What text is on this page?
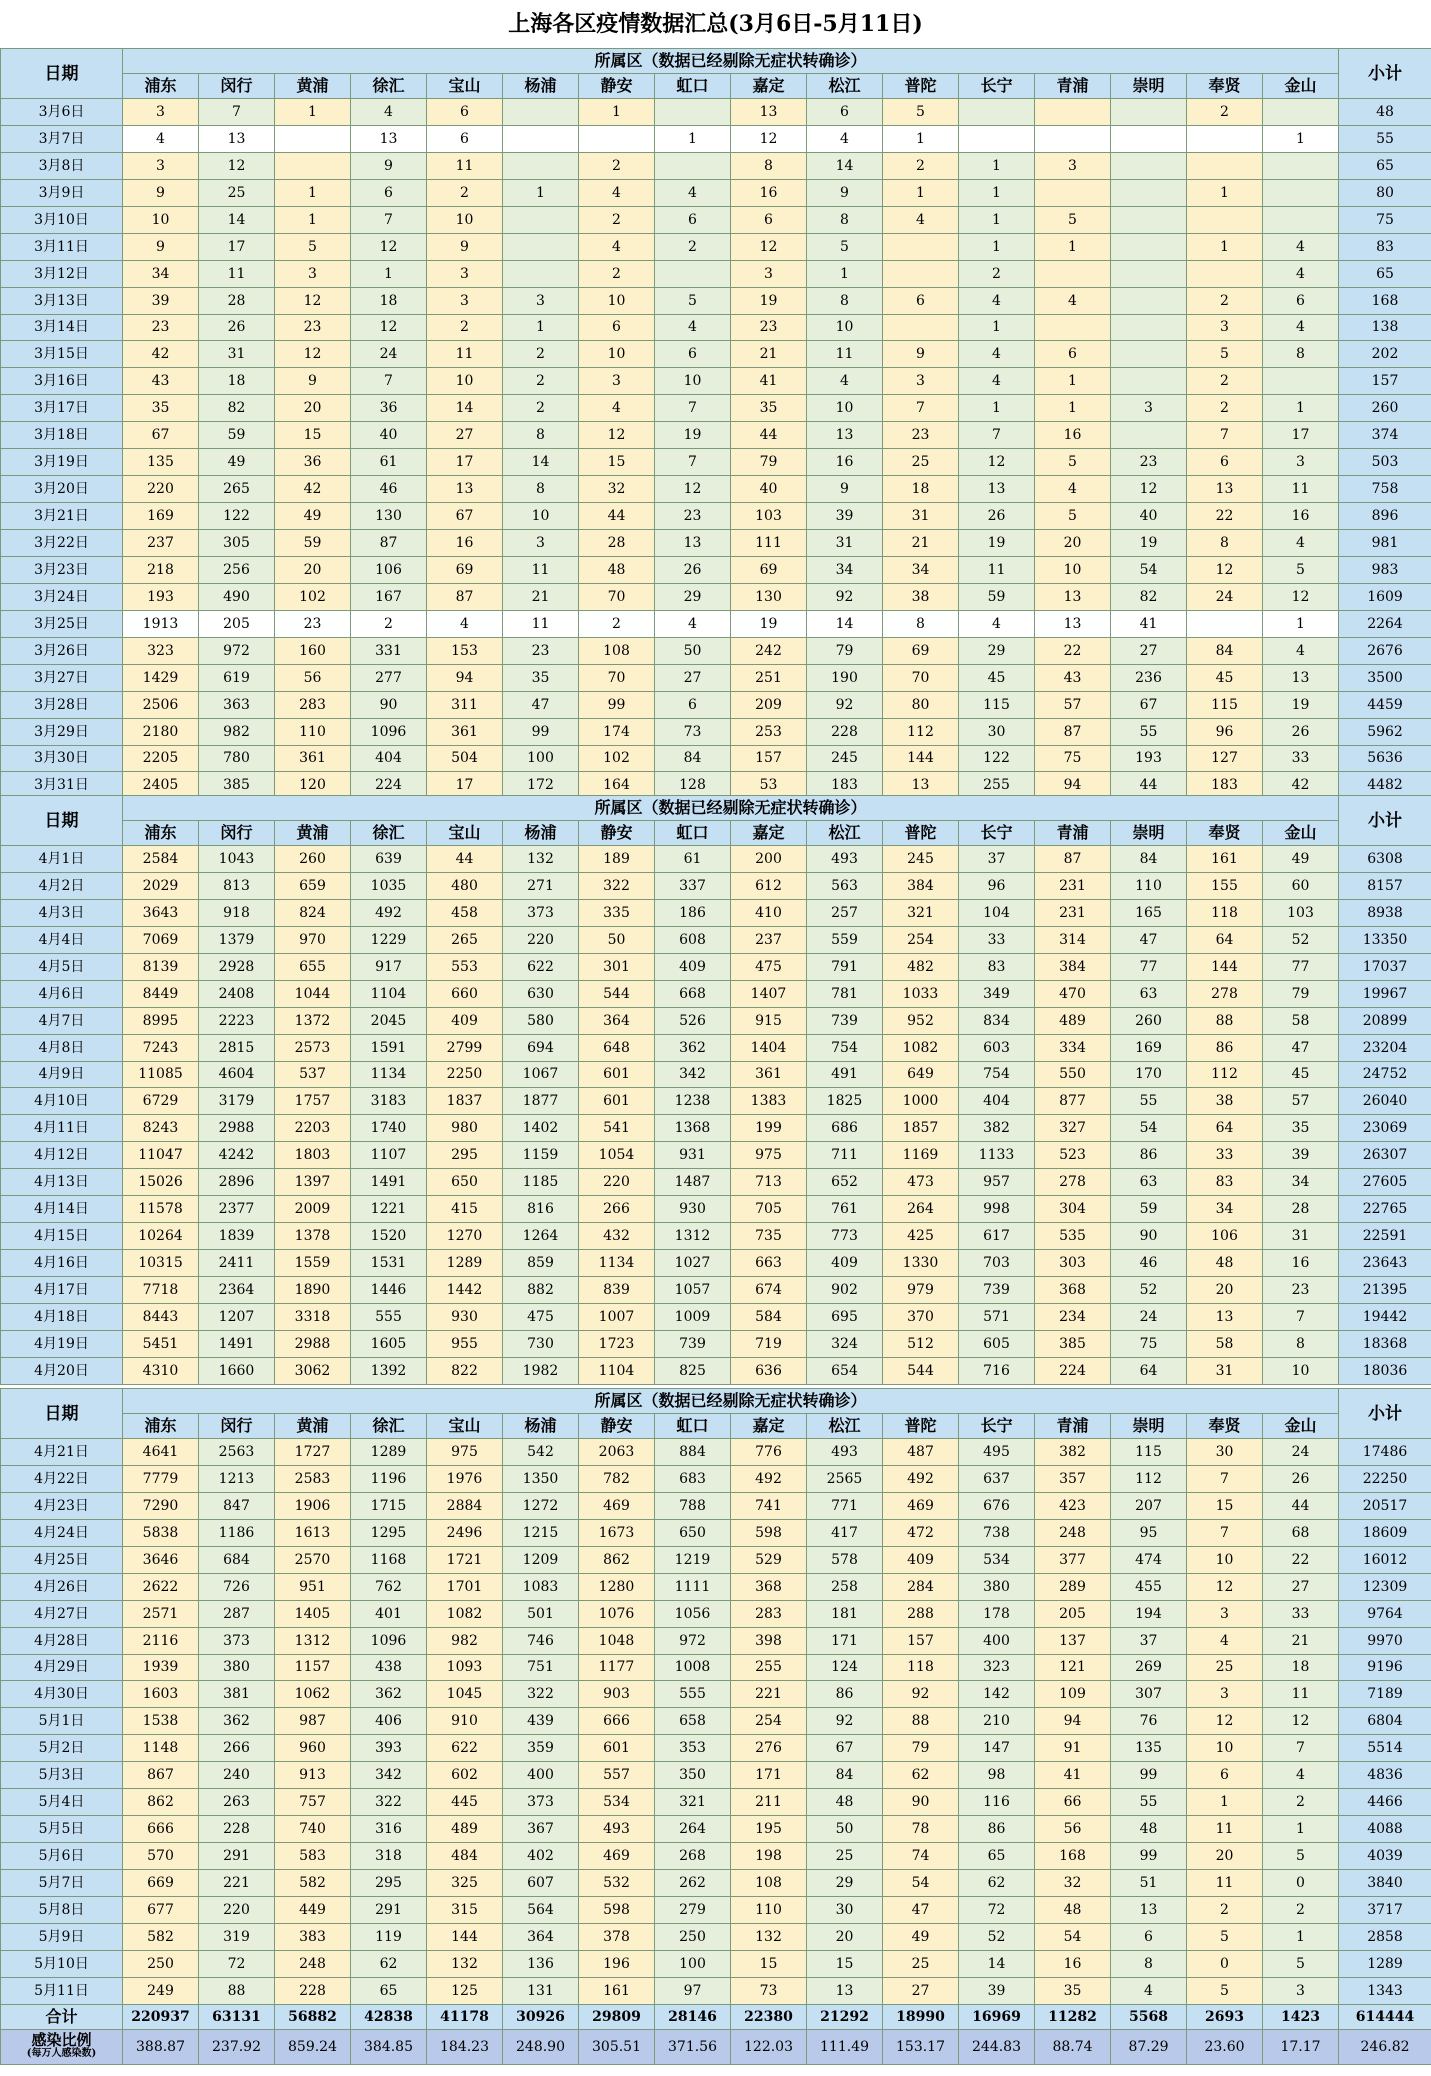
上海各区疫情数据汇总(3月6日-5月11日)
日期	所属区（数据已经剔除无症状转确诊）																小计
	浦东	闵行	黄浦	徐汇	宝山	杨浦	静安	虹口	嘉定	松江	普陀	长宁	青浦	崇明	奉贤	金山	
3月6日	3	7	1	4	6		1		13	6	5				2		48
3月7日	4	13		13	6			1	12	4	1					1	55
3月8日	3	12		9	11		2		8	14	2	1	3				65
3月9日	9	25	1	6	2	1	4	4	16	9	1	1			1		80
3月10日	10	14	1	7	10		2	6	6	8	4	1	5				75
3月11日	9	17	5	12	9		4	2	12	5		1	1		1	4	83
3月12日	34	11	3	1	3		2		3	1		2				4	65
3月13日	39	28	12	18	3	3	10	5	19	8	6	4	4		2	6	168
3月14日	23	26	23	12	2	1	6	4	23	10		1			3	4	138
3月15日	42	31	12	24	11	2	10	6	21	11	9	4	6		5	8	202
3月16日	43	18	9	7	10	2	3	10	41	4	3	4	1		2		157
3月17日	35	82	20	36	14	2	4	7	35	10	7	1	1	3	2	1	260
3月18日	67	59	15	40	27	8	12	19	44	13	23	7	16		7	17	374
3月19日	135	49	36	61	17	14	15	7	79	16	25	12	5	23	6	3	503
3月20日	220	265	42	46	13	8	32	12	40	9	18	13	4	12	13	11	758
3月21日	169	122	49	130	67	10	44	23	103	39	31	26	5	40	22	16	896
3月22日	237	305	59	87	16	3	28	13	111	31	21	19	20	19	8	4	981
3月23日	218	256	20	106	69	11	48	26	69	34	34	11	10	54	12	5	983
3月24日	193	490	102	167	87	21	70	29	130	92	38	59	13	82	24	12	1609
3月25日	1913	205	23	2	4	11	2	4	19	14	8	4	13	41		1	2264
3月26日	323	972	160	331	153	23	108	50	242	79	69	29	22	27	84	4	2676
3月27日	1429	619	56	277	94	35	70	27	251	190	70	45	43	236	45	13	3500
3月28日	2506	363	283	90	311	47	99	6	209	92	80	115	57	67	115	19	4459
3月29日	2180	982	110	1096	361	99	174	73	253	228	112	30	87	55	96	26	5962
3月30日	2205	780	361	404	504	100	102	84	157	245	144	122	75	193	127	33	5636
3月31日	2405	385	120	224	17	172	164	128	53	183	13	255	94	44	183	42	4482
日期	所属区（数据已经剔除无症状转确诊）																小计
	浦东	闵行	黄浦	徐汇	宝山	杨浦	静安	虹口	嘉定	松江	普陀	长宁	青浦	崇明	奉贤	金山	
4月1日	2584	1043	260	639	44	132	189	61	200	493	245	37	87	84	161	49	6308
4月2日	2029	813	659	1035	480	271	322	337	612	563	384	96	231	110	155	60	8157
4月3日	3643	918	824	492	458	373	335	186	410	257	321	104	231	165	118	103	8938
4月4日	7069	1379	970	1229	265	220	50	608	237	559	254	33	314	47	64	52	13350
4月5日	8139	2928	655	917	553	622	301	409	475	791	482	83	384	77	144	77	17037
4月6日	8449	2408	1044	1104	660	630	544	668	1407	781	1033	349	470	63	278	79	19967
4月7日	8995	2223	1372	2045	409	580	364	526	915	739	952	834	489	260	88	58	20899
4月8日	7243	2815	2573	1591	2799	694	648	362	1404	754	1082	603	334	169	86	47	23204
4月9日	11085	4604	537	1134	2250	1067	601	342	361	491	649	754	550	170	112	45	24752
4月10日	6729	3179	1757	3183	1837	1877	601	1238	1383	1825	1000	404	877	55	38	57	26040
4月11日	8243	2988	2203	1740	980	1402	541	1368	199	686	1857	382	327	54	64	35	23069
4月12日	11047	4242	1803	1107	295	1159	1054	931	975	711	1169	1133	523	86	33	39	26307
4月13日	15026	2896	1397	1491	650	1185	220	1487	713	652	473	957	278	63	83	34	27605
4月14日	11578	2377	2009	1221	415	816	266	930	705	761	264	998	304	59	34	28	22765
4月15日	10264	1839	1378	1520	1270	1264	432	1312	735	773	425	617	535	90	106	31	22591
4月16日	10315	2411	1559	1531	1289	859	1134	1027	663	409	1330	703	303	46	48	16	23643
4月17日	7718	2364	1890	1446	1442	882	839	1057	674	902	979	739	368	52	20	23	21395
4月18日	8443	1207	3318	555	930	475	1007	1009	584	695	370	571	234	24	13	7	19442
4月19日	5451	1491	2988	1605	955	730	1723	739	719	324	512	605	385	75	58	8	18368
4月20日	4310	1660	3062	1392	822	1982	1104	825	636	654	544	716	224	64	31	10	18036
日期	所属区（数据已经剔除无症状转确诊）																小计
	浦东	闵行	黄浦	徐汇	宝山	杨浦	静安	虹口	嘉定	松江	普陀	长宁	青浦	崇明	奉贤	金山	
4月21日	4641	2563	1727	1289	975	542	2063	884	776	493	487	495	382	115	30	24	17486
4月22日	7779	1213	2583	1196	1976	1350	782	683	492	2565	492	637	357	112	7	26	22250
4月23日	7290	847	1906	1715	2884	1272	469	788	741	771	469	676	423	207	15	44	20517
4月24日	5838	1186	1613	1295	2496	1215	1673	650	598	417	472	738	248	95	7	68	18609
4月25日	3646	684	2570	1168	1721	1209	862	1219	529	578	409	534	377	474	10	22	16012
4月26日	2622	726	951	762	1701	1083	1280	1111	368	258	284	380	289	455	12	27	12309
4月27日	2571	287	1405	401	1082	501	1076	1056	283	181	288	178	205	194	3	33	9764
4月28日	2116	373	1312	1096	982	746	1048	972	398	171	157	400	137	37	4	21	9970
4月29日	1939	380	1157	438	1093	751	1177	1008	255	124	118	323	121	269	25	18	9196
4月30日	1603	381	1062	362	1045	322	903	555	221	86	92	142	109	307	3	11	7189
5月1日	1538	362	987	406	910	439	666	658	254	92	88	210	94	76	12	12	6804
5月2日	1148	266	960	393	622	359	601	353	276	67	79	147	91	135	10	7	5514
5月3日	867	240	913	342	602	400	557	350	171	84	62	98	41	99	6	4	4836
5月4日	862	263	757	322	445	373	534	321	211	48	90	116	66	55	1	2	4466
5月5日	666	228	740	316	489	367	493	264	195	50	78	86	56	48	11	1	4088
5月6日	570	291	583	318	484	402	469	268	198	25	74	65	168	99	20	5	4039
5月7日	669	221	582	295	325	607	532	262	108	29	54	62	32	51	11	0	3840
5月8日	677	220	449	291	315	564	598	279	110	30	47	72	48	13	2	2	3717
5月9日	582	319	383	119	144	364	378	250	132	20	49	52	54	6	5	1	2858
5月10日	250	72	248	62	132	136	196	100	15	15	25	14	16	8	0	5	1289
5月11日	249	88	228	65	125	131	161	97	73	13	27	39	35	4	5	3	1343
合计	220937	63131	56882	42838	41178	30926	29809	28146	22380	21292	18990	16969	11282	5568	2693	1423	614444

感染比例
(每万人感染数)	388.87	237.92	859.24	384.85	184.23	248.90	305.51	371.56	122.03	111.49	153.17	244.83	88.74	87.29	23.60	17.17	246.82
